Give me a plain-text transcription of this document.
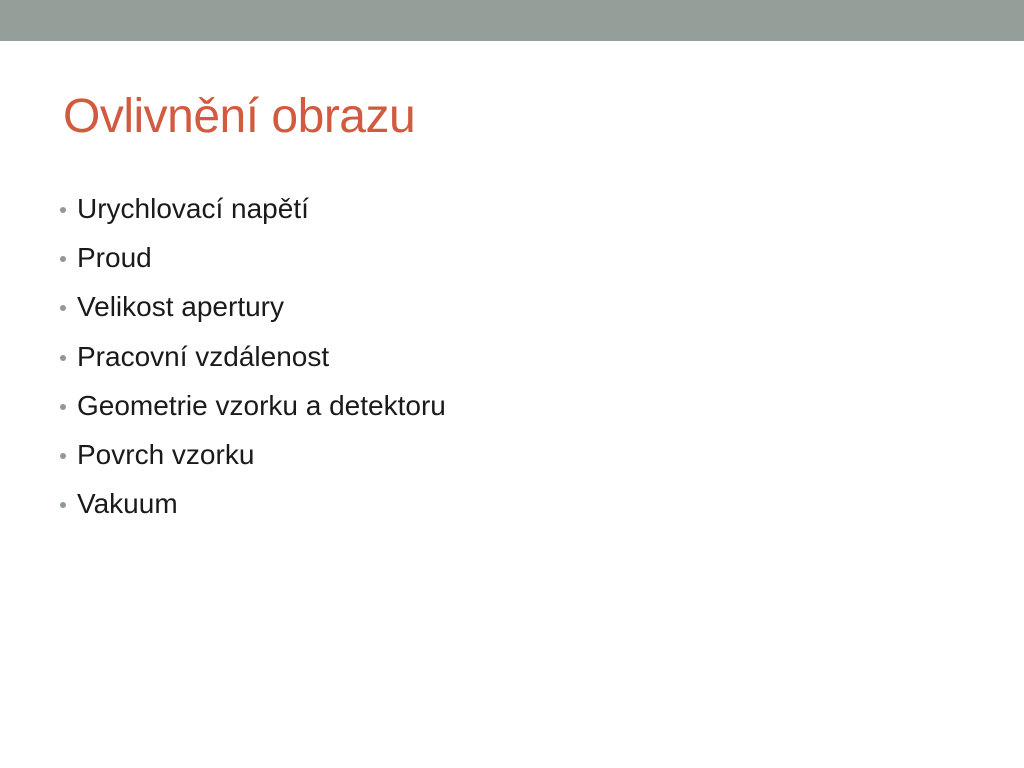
Ovlivnění obrazu
Urychlovací napětí
Proud
Velikost apertury
Pracovní vzdálenost
Geometrie vzorku a detektoru
Povrch vzorku
Vakuum
